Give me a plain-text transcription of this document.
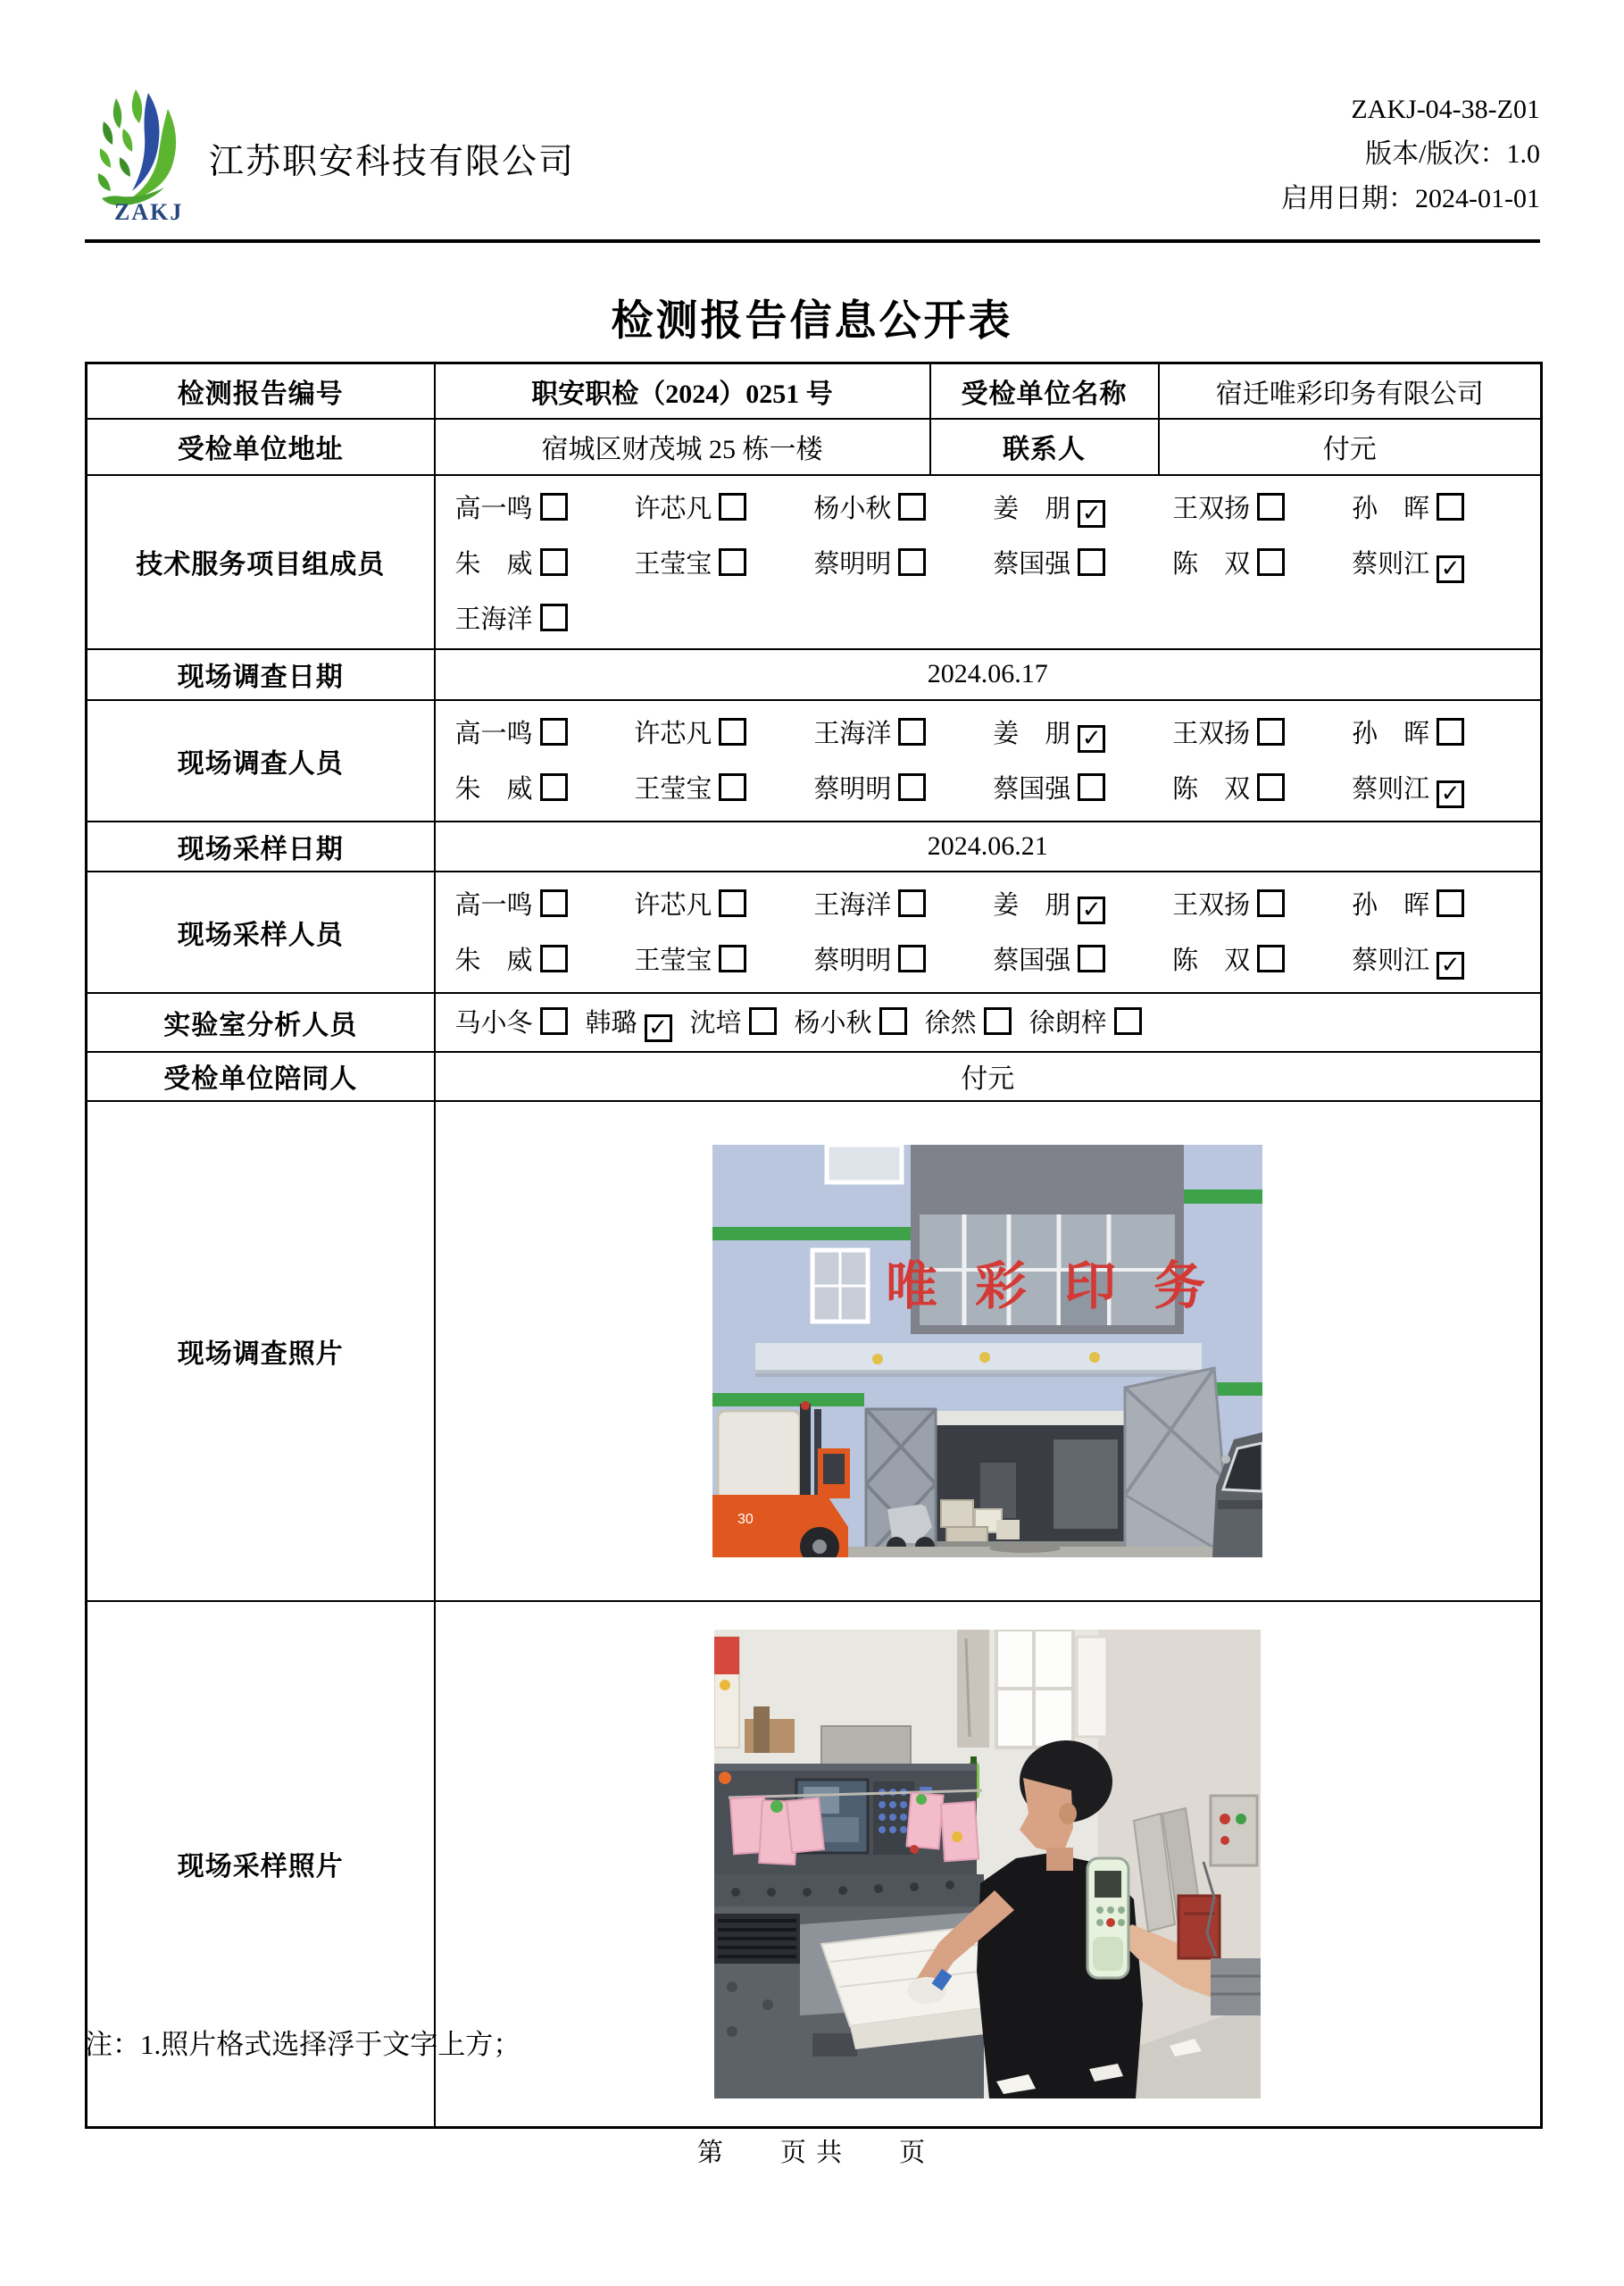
ZAKJ
江苏职安科技有限公司
ZAKJ-04-38-Z01
版本/版次：1.0
启用日期：2024-01-01
检测报告信息公开表
检测报告编号	职安职检（2024）0251 号	受检单位名称	宿迁唯彩印务有限公司
受检单位地址	宿城区财茂城 25 栋一楼	联系人	付元
技术服务项目组成员	
高一鸣	许芯凡	杨小秋	姜　朋 ✓	王双扬	孙　晖
朱　威	王莹宝	蔡明明	蔡国强	陈　双	蔡则江 ✓
王海洋

现场调查日期	2024.06.17		
现场调查人员	
高一鸣	许芯凡	王海洋	姜　朋 ✓	王双扬	孙　晖
朱　威	王莹宝	蔡明明	蔡国强	陈　双	蔡则江 ✓

现场采样日期	2024.06.21		
现场采样人员	
高一鸣	许芯凡	王海洋	姜　朋 ✓	王双扬	孙　晖
朱　威	王莹宝	蔡明明	蔡国强	陈　双	蔡则江 ✓

实验室分析人员	马小冬	韩璐 ✓ 沈培	杨小秋	徐然	徐朗梓

受检单位陪同人	付元		
现场调查照片	唯彩印务
30		

现场采样照片	
注：1.照片格式选择浮于文字上方；
第　　页 共　　页
